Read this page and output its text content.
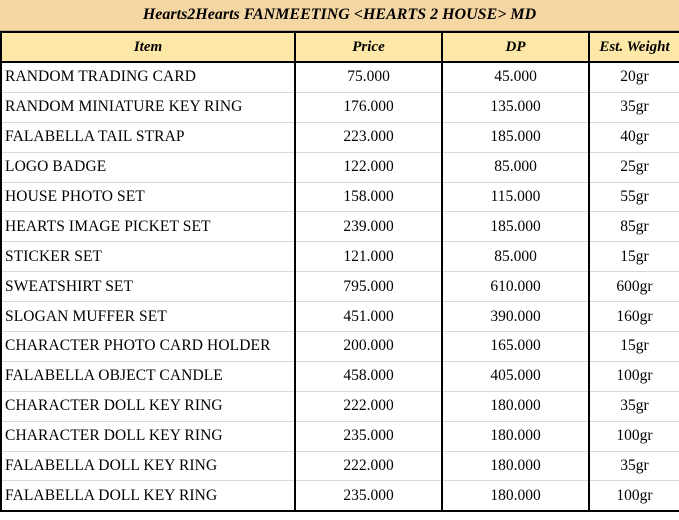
Hearts2Hearts FANMEETING <HEARTS 2 HOUSE> MD
Item	Price	DP	Est. Weight
RANDOM TRADING CARD	75.000	45.000	20gr
RANDOM MINIATURE KEY RING	176.000	135.000	35gr
FALABELLA TAIL STRAP	223.000	185.000	40gr
LOGO BADGE	122.000	85.000	25gr
HOUSE PHOTO SET	158.000	115.000	55gr
HEARTS IMAGE PICKET SET	239.000	185.000	85gr
STICKER SET	121.000	85.000	15gr
SWEATSHIRT SET	795.000	610.000	600gr
SLOGAN MUFFER SET	451.000	390.000	160gr
CHARACTER PHOTO CARD HOLDER	200.000	165.000	15gr
FALABELLA OBJECT CANDLE	458.000	405.000	100gr
CHARACTER DOLL KEY RING	222.000	180.000	35gr
CHARACTER DOLL KEY RING	235.000	180.000	100gr
FALABELLA DOLL KEY RING	222.000	180.000	35gr
FALABELLA DOLL KEY RING	235.000	180.000	100gr
